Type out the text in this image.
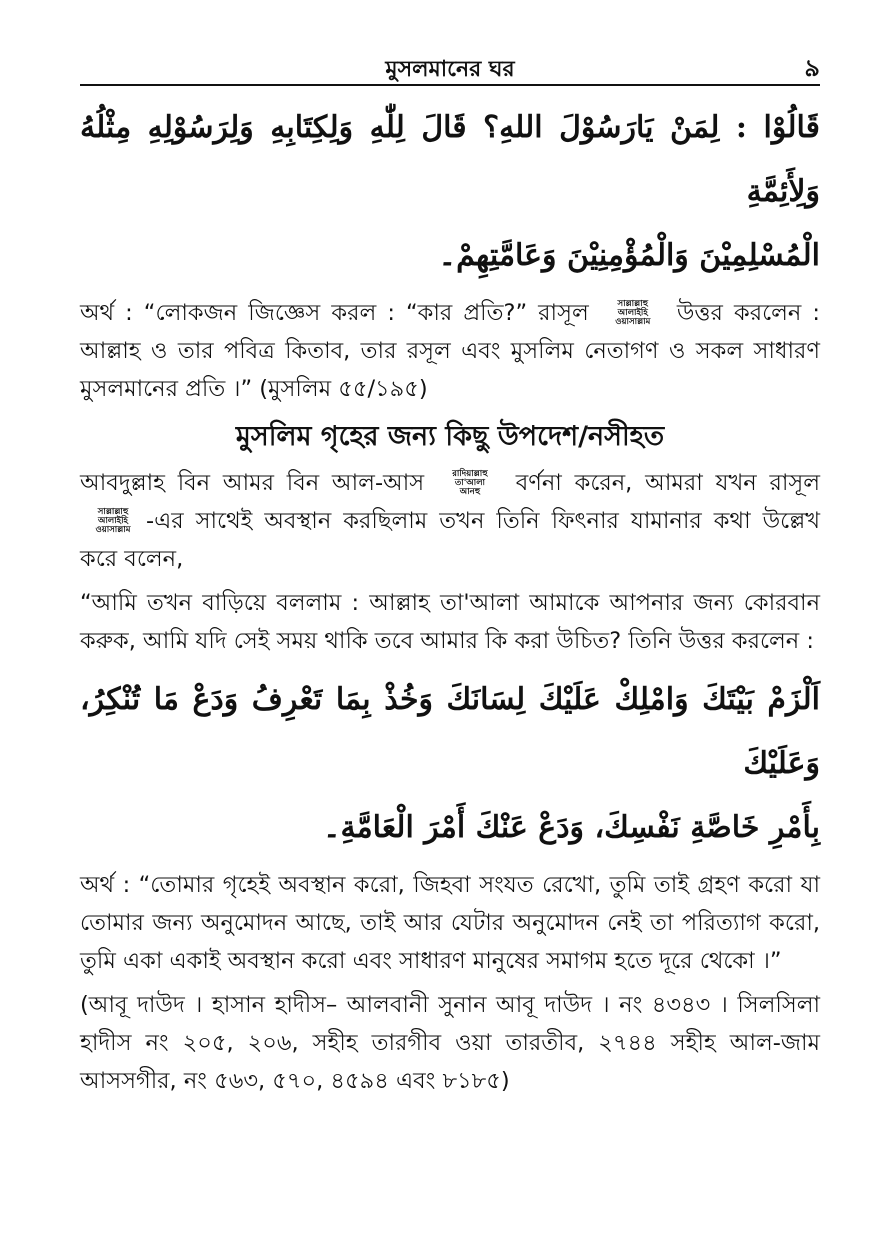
মুসলমানের ঘর	৯

قَالُوْا : لِمَنْ يَارَسُوْلَ اللهِ؟ قَالَ لِلّٰهِ وَلِكِتَابِهِ وَلِرَسُوْلِهِ مِثْلُهُ وَلِأَئِمَّةِ
الْمُسْلِمِيْنَ وَالْمُؤْمِنِيْنَ وَعَامَّتِهِمْ۔

অর্থ : “লোকজন জিজ্ঞেস করল : “কার প্রতি?” রাসূল	সাল্লাল্লাহু
আলাইহি
ওয়াসাল্লাম উত্তর করলেন : আল্লাহ ও তার পবিত্র কিতাব, তার রসূল এবং মুসলিম নেতাগণ ও সকল সাধারণ মুসলমানের প্রতি ।” (মুসলিম ৫৫/১৯৫)

মুসলিম গৃহের জন্য কিছু উপদেশ/নসীহত

আবদুল্লাহ বিন আমর বিন আল-আস	রাদিয়াল্লাহু
তা'আলা
আনহু	বর্ণনা করেন, আমরা যখন রাসূল
সাল্লাল্লাহু
আলাইহি
ওয়াসাল্লাম -এর সাথেই অবস্থান করছিলাম তখন তিনি ফিৎনার যামানার কথা উল্লেখ করে বলেন,

“আমি তখন বাড়িয়ে বললাম : আল্লাহ তা'আলা আমাকে আপনার জন্য কোরবান করুক, আমি যদি সেই সময় থাকি তবে আমার কি করা উচিত? তিনি উত্তর করলেন :

اَلْزَمْ بَيْتَكَ وَامْلِكْ عَلَيْكَ لِسَانَكَ وَخُذْ بِمَا تَعْرِفُ وَدَعْ مَا تُنْكِرُ، وَعَلَيْكَ
بِأَمْرِ خَاصَّةِ نَفْسِكَ، وَدَعْ عَنْكَ أَمْرَ الْعَامَّةِ۔

অর্থ : “তোমার গৃহেই অবস্থান করো, জিহবা সংযত রেখো, তুমি তাই গ্রহণ করো যা তোমার জন্য অনুমোদন আছে, তাই আর যেটার অনুমোদন নেই তা পরিত্যাগ করো, তুমি একা একাই অবস্থান করো এবং সাধারণ মানুষের সমাগম হতে দূরে থেকো ।”

(আবূ দাউদ । হাসান হাদীস– আলবানী সুনান আবূ দাউদ । নং ৪৩৪৩ । সিলসিলা হাদীস নং ২০৫, ২০৬, সহীহ তারগীব ওয়া তারতীব, ২৭৪৪ সহীহ আল-জাম আসসগীর, নং ৫৬৩, ৫৭০, ৪৫৯৪ এবং ৮১৮৫)
